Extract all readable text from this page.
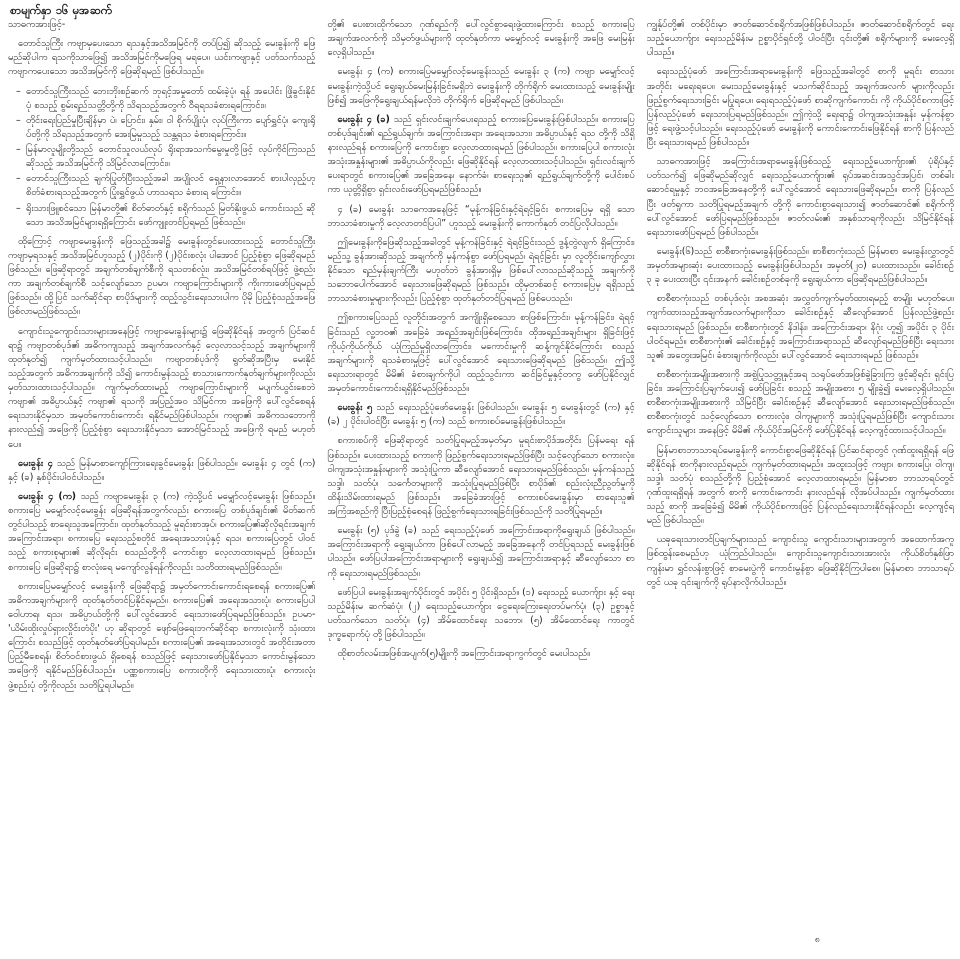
စာမျက်နှာ ၁၆ မှအဆက်

သာဓကအားဖြင့်-

တောင်သူကြီး ကဗျာမှပေးသော ရသနှင့်အသိအမြင်ကို တပ်ပြ၍ ဆိုသည့် မေးခွန်းကို ဖြေမည်ဆိုပါက ရသကိုသာဖြေ၍ အသိအမြင်ကိုမဖြေရ မရပေ။ ယင်းကဗျာနှင့် ပတ်သက်သည့် ကဗျာကပေးသော အသိအမြင်ကို ဖြေဆိုရမည် ဖြစ်ပါသည်။

– တောင်သူကြီးသည် ဘေးဘိုးစဉ်ဆက် ဘုရင့်အမှုတော် ထမ်းခဲ့ပုံ၊ ရန် အပေါင်း ဖြိုခွင်းနိုင်ပုံ စသည့် စွမ်းရည်သတ္တိတို့ကို သိရသည့်အတွက် ဝီရရသခံစားရကြောင်း။
– တိုင်းရေးပြည်မှုပြီးချိန်မှာ ပဲ၊ ပြောင်း၊ နှမ်း၊ ဝါ စိုက်ပျိုးပုံ၊ လုပ်ကြီးကာ ပျော်ရွှင်ပုံ၊ ကျေးရိုပ်တို့ကို သိရသည့်အတွက် အေးမြမှုသည့် သန္တရသ ခံစားရကြောင်း။
– မြန်မာလူမျိုးတို့သည် တောင်သူလယ်လုပ် ရိုးရာအသက်မွေးမှုတို့ဖြင့် လုပ်ကိုင်ကြသည် ဆိုသည့် အသိအမြင်ကို သိမြင်လာကြောင်း။
– တောင်သူကြီးသည် ချက်ပြုတ်ပြီးသည့်အခါ အပျိုလင် ရှေ့နားလာအောင် စားပါလှည့်ဟု စိတ်ခံစားရသည့်အတွက် ပြုံးရွှင်ဖွယ် ဟာသရသ ခံစားရ ကြောင်း။
– ရိုးသားဖြူစင်သော မြန်မာတို့၏ စိတ်ဓာတ်နှင့် စရိုက်သည် မြတ်နိုးဖွယ် ကောင်းသည် ဆိုသော အသိအမြင်များရရှိကြောင်း ဖော်ကျူးတင်ပြရမည် ဖြစ်သည်။

ထိုကြောင့် ကဗျာမေးခွန်းကို ဖြေသည့်အခါ၌ မေးခွန်းတွင်ပေးထားသည့် တောင်သူကြီးကဗျာမှရသနှင့် အသိအမြင်ဟူသည့် (၂)ပိုင်းကို (၂)ပိုင်းစလုံး ပါအောင် ပြည့်စုံစွာ ဖြေဆိုရမည်ဖြစ်သည်။ ဖြေဆိုရာတွင် အချက်တစ်ချက်စီကို ရသတစ်လုံး၊ အသိအမြင်တစ်ရပ်ဖြင့် ဖွဲ့စည်းကာ အချက်တစ်ချက်စီ သင့်လျော်သော ဥပမာ၊ ကဗျာကြောင်းများကို ကိုးကားဖော်ပြရမည်ဖြစ်သည်။ ထို့ပြင် သက်ဆိုင်ရာ စာပိုဒ်များကို ထည့်သွင်းရေးသားပါက ပိုမို ပြည့်စုံသည့်အဖြေ ဖြစ်လာမည်ဖြစ်သည်။

ကျောင်းသူကျောင်းသားများအနေဖြင့် ကဗျာမေးခွန်းများ၌ ဖြေဆိုနိုင်ရန် အတွက် ပြင်ဆင်ရာ၌ ကဗျာတစ်ပုဒ်၏ အဓိကကျသည့် အချက်အလက်နှင့် လေ့လာသင့်သည့် အချက်များကို ထုတ်နုတ်၍ ကျက်မှတ်ထားသင့်ပါသည်။ ကဗျာတစ်ပုဒ်ကို ရွတ်ဆိုအပြီးမှ မေးနိုင်သည့်အတွက် အဓိကအချက်ကို သိ၍ ကောင်းမွန်သည့် စာသားကောက်နုတ်ချက်များကိုလည်း မှတ်သားထားသင့်ပါသည်။ ကျက်မှတ်ထားမည့် ကဗျာကြောင်းများကို မပျက်ယွင်းစေဘဲ ကဗျာ၏ အဓိပ္ပာယ်နှင့် ကဗျာ၏ ရသကို အပြည့်အဝ သိမြင်ကာ အဖြေကို ပေါ်လွင်စေရန် ရေးသားနိုင်မှသာ အမှတ်ကောင်းကောင်း ရနိုင်မည်ဖြစ်ပါသည်။ ကဗျာ၏ အဓိကသဘောကို နားလည်၍ အဖြေကို ပြည့်စုံစွာ ရေးသားနိုင်မှသာ အောင်မြင်သည့် အဖြေကို ရမည် မဟုတ်ပေ။

မေးခွန်း ၄ သည် မြန်မာစာကျော်ကြားရေးခွင်မေးခွန်း ဖြစ်ပါသည်။ မေးခွန်း ၄ တွင် (က) နှင့် (ခ) နှစ်ပိုင်းပါဝင်ပါသည်။

မေးခွန်း ၄ (က) သည် ကဗျာမေးခွန်း ၃ (က) ကဲ့သို့ပင် မမျှော်လင့်မေးခွန်း ဖြစ်သည်။ စကားပြေ မမျှော်လင့်မေးခွန်း ဖြေဆိုရန်အတွက်လည်း စကားပြေ တစ်ပုဒ်ချင်း၏ မိတ်ဆက်တွင်ပါသည့် စာရေးသူအကြောင်း၊ ထုတ်နုတ်သည့် မူရင်းစာအုပ်၊ စကားပြေ၏ဆိုလိုရင်းအချက် အကြောင်းအရာ၊ စကားပြေ ရေးသည့်စတိုင် အရေးအသားပုံနှင့် ရသ၊ စကားပြေတွင် ပါဝင်သည့် စကားစုများ၏ ဆိုလိုရင်း စသည်တို့ကို ကောင်းစွာ လေ့လာထားရမည် ဖြစ်သည်။ စကားပြေ ဖြေဆိုရာ၌ စာလုံးရေ မကျော်လွန်ရန်ကိုလည်း သတိထားရမည်ဖြစ်သည်။

စကားပြေမမျှော်လင့် မေးခွန်းကို ဖြေဆိုရာ၌ အမှတ်ကောင်းကောင်းရစေရန် စကားပြေ၏ အဓိကအချက်များကို ထုတ်နုတ်တင်ပြနိုင်ရမည်။ စကားပြေ၏ အရေးအသားပုံ၊ စကားပြေပါ ဝေါဟာရ၊ ရသ၊ အဓိပ္ပာယ်တို့ကို ပေါ်လွင်အောင် ရေးသားဖော်ပြရမည်ဖြစ်သည်။ ဥပမာ- 'ယိမ်းထိုးလှုပ်ရှားလှိုင်းတံပိုး' ဟု ဆိုရာတွင် ဖျော်ဖြေရေးဘက်ဆိုင်ရာ စကားလုံးကို သုံးထားကြောင်း စသည်ဖြင့် ထုတ်နုတ်ဖော်ပြရပါမည်။ စကားပြေ၏ အရေးအသားတွင် အတိုင်းအတာ ပြည့်မီစေရန်၊ စိတ်ဝင်စားဖွယ် ရှိစေရန် စသည်ဖြင့် ရေးသားဖော်ပြနိုင်မှသာ ကောင်းမွန်သော အဖြေကို ရနိုင်မည်ဖြစ်ပါသည်။ ပဏ္ဏစကားပြေ စကားတိုကို ရေးသားထားပုံ၊ စကားလုံးဖွဲ့စည်းပုံ တို့ကိုလည်း သတိပြုရပါမည်။

တို့၏ ပေးစားထိုက်သော ဂုဏ်ရည်ကို ပေါ်လွင်စွာရေးဖွဲ့ထားကြောင်း စသည့် စကားပြေအချက်အလက်ကို သိမှတ်ဖွယ်များကို ထုတ်နုတ်ကာ မမျှော်လင့် မေးခွန်းကို အဖြေ မေးမြန်းလေ့ရှိပါသည်။

မေးခွန်း ၄ (က) စကားပြေမမျှော်လင့်မေးခွန်းသည် မေးခွန်း ၃ (က) ကဗျာ မမျှော်လင့် မေးခွန်းကဲ့သို့ပင် ရွေးချယ်မေးမြန်းခြင်းမရှိဘဲ မေးခွန်းကို တိုက်ရိုက် မေးထားသည့် မေးခွန်းမျိုးဖြစ်၍ အဖြေကိုရွေးချယ်ရန်မလိုဘဲ တိုက်ရိုက် ဖြေဆိုရမည် ဖြစ်ပါသည်။

မေးခွန်း ၄ (ခ) သည် ရှင်းလင်းချက်ပေးရသည့် စကားပြေမေးခွန်းဖြစ်ပါသည်။ စကားပြေ တစ်ပုဒ်ချင်း၏ ရည်ရွယ်ချက်၊ အကြောင်းအရာ၊ အရေးအသား၊ အဓိပ္ပာယ်နှင့် ရသ တို့ကို သိရှိနားလည်ရန် စကားပြေကို ကောင်းစွာ လေ့လာထားရမည် ဖြစ်ပါသည်။ စကားပြေပါ စကားလုံးအသုံးအနှုန်းများ၏ အဓိပ္ပာယ်ကိုလည်း ဖြေဆိုနိုင်ရန် လေ့လာထားသင့်ပါသည်။ ရှင်းလင်းချက်ပေးရာတွင် စကားပြေ၏ အခြေအနေ၊ နောက်ခံ၊ စာရေးသူ၏ ရည်ရွယ်ချက်တို့ကို ပေါင်းစပ်ကာ ယုတ္တိရှိစွာ ရှင်းလင်းဖော်ပြရမည်ဖြစ်သည်။

၄ (ခ) မေးခွန်း သာဓကအနေဖြင့် “မုန့်ကန်ခြင်းနှင့်ရဲရင့်ခြင်း စကားပြေမှ ရရှိ သော ဘာသာခံစားမှုကို လေ့လာတင်ပြပါ” ဟူသည့် မေးခွန်းကို ကောက်နုတ် တင်ပြလိုပါသည်။

ဤမေးခွန်းကိုဖြေဆိုသည့်အခါတွင် မုန့်ကန်ခြင်းနှင့် ရဲရင့်ခြင်းသည် ဒွန့်တွဲလျက် ရှိကြောင်း၊ မည်သူ့ ခွန်အားဆိုသည့် အချက်ကို မှန်ကန်စွာ ဖော်ပြရမည်၊ ရဲရင့်ခြင်း မှာ လူတိုင်းကျော်လွှားနိုင်သော ရည်မှန်းချက်ကြီး မဟုတ်ဘဲ ခွန်အားရှိမှ ဖြစ်ပေါ်လာသည်ဆိုသည့် အချက်ကို သဘောပေါက်အောင် ရေးသားဖြေဆိုရမည် ဖြစ်သည်။ ထိုမှတစ်ဆင့် စကားပြေမှ ရရှိသည့် ဘာသာခံစားမှုများကိုလည်း ပြည့်စုံစွာ ထုတ်နုတ်တင်ပြရမည် ဖြစ်ပေသည်။

ဤစကားပြေသည် လူတိုင်းအတွက် အကျိုးရှိစေသော စာဖြစ်ကြောင်း၊ မုန့်ကန်ခြင်း၊ ရဲရင့်ခြင်းသည် လူ့ဘဝ၏ အခြေခံ အရည်အချင်းဖြစ်ကြောင်း၊ ထိုအရည်အချင်းများ ရှိခြင်းဖြင့် ကိုယ့်ကိုယ်ကိုယ် ယုံကြည်မှုရှိလာကြောင်း၊ မကောင်းမှုကို ဆန့်ကျင်နိုင်ကြောင်း စသည့် အချက်များကို ရသခံစားမှုဖြင့် ပေါ်လွင်အောင် ရေးသားဖြေဆိုရမည် ဖြစ်သည်။ ဤသို့ ရေးသားရာတွင် မိမိ၏ ခံစားချက်ကိုပါ ထည့်သွင်းကာ ဆင်ခြင်မှုနှင့်တကွ ဖော်ပြနိုင်လျှင် အမှတ်ကောင်းကောင်းရရှိနိုင်မည်ဖြစ်သည်။

မေးခွန်း ၅ သည် ရေးသည့်ပုံဖော်မေးခွန်း ဖြစ်ပါသည်။ မေးခွန်း ၅ မေးခွန်းတွင် (က) နှင့် (ခ) ၂ ပိုင်းပါဝင်ပြီး မေးခွန်း ၅ (က) သည် စကားစပ်မေးခွန်းဖြစ်ပါသည်။

စကားစပ်ကို ဖြေဆိုရာတွင် သတ်ပြုရမည့်အမှတ်မှာ မူရင်းစာပိုဒ်အတိုင်း ပြန်မရေး ရန် ဖြစ်သည်။ ပေးထားသည့် စကားကို ဖြည့်စွက်ရေးသားရမည်ဖြစ်ပြီး သင့်လျော်သော စကားလုံး၊ ဝါကျအသုံးအနှုန်းများကို အသုံးပြုကာ ဆီလျော်အောင် ရေးသားရမည်ဖြစ်သည်။ မှန်ကန်သည့်သဒ္ဒါ၊ သတ်ပုံ၊ သင်္ကေတများကို အသုံးပြုရမည်ဖြစ်ပြီး စာပိုဒ်၏ စည်းလုံးညီညွတ်မှုကို ထိန်းသိမ်းထားရမည် ဖြစ်သည်။ အခြေခံအားဖြင့် စကားစပ်မေးခွန်းမှာ စာရေးသူ၏ အကြံအစည်ကို ပြီးပြည့်စုံစေရန် ဖြည့်စွက်ရေးသားရခြင်းဖြစ်သည်ကို သတိပြုရမည်။

မေးခွန်း (၅) ပုဒ်ခွဲ (ခ) သည် ရေးသည့်ပုံဖော် အကြောင်းအရာကိုရွေးချယ် ဖြစ်ပါသည်။ အကြောင်းအရာကို ရွေးချယ်ကာ ဖြစ်ပေါ်လာမည့် အခြေအနေကို တင်ပြရသည့် မေးခွန်းဖြစ်ပါသည်။ ဖော်ပြပါအကြောင်းအရာများကို ရွေးချယ်၍ အကြောင်းအရာနှင့် ဆီလျော်သော စာကို ရေးသားရမည်ဖြစ်သည်။

ဖော်ပြပါ မေးခွန်းအချက်ပိုင်းတွင် အပိုင်း ၅ ပိုင်းရှိသည်။ (၁) ရေးသည့် ယောက်ျား နှင့် ရေးသည့်မိန်းမ ဆက်ဆံပုံ၊ (၂) ရေးသည့်ယောက်ျား ငွေရေးကြေးရေးတပ်မက်ပုံ၊ (၃) ဥစ္စာနှင့်ပတ်သက်သော သတ်ပုံ၊ (၄) အိမ်ထောင်ရေး သဘော၊ (၅) အိမ်ထောင်ရေး ကာတွင် ဒုက္ခရောက်ပုံ တို့ ဖြစ်ပါသည်။

ထိုစာတ်လမ်းအဖြစ်အပျက်(၅)မျိုးကို အကြောင်းအရာကွက်တွင် မေးပါသည်။

ကျွန်ုပ်တို့၏ တစ်ပိုင်းမှာ ဇာတ်ဆောင်စရိုက်အဖြစ်ဖြစ်ပါသည်။ ဇာတ်ဆောင်စရိုက်တွင် ရေးသည့်ယောက်ျား ရေးသည့်မိန်းမ ဥစ္စာပိုင်ရှင်တို့ ပါဝင်ပြီး ၎င်းတို့၏ စရိုက်များကို မေးလေ့ရှိပါသည်။

ရေးသည့်ပုံဖော် အကြောင်းအရာမေးခွန်းကို ဖြေသည့်အခါတွင် စာကို မူရင်း စာသားအတိုင်း မရေးရပေ။ မေးသည့်မေးခွန်းနှင့် မသက်ဆိုင်သည့် အချက်အလက် များကိုလည်း ဖြည့်စွက်ရေးသားခြင်း မပြုရပေ။ ရေးရသည့်ပုံဖော် စာဆိုကျက်ကောင်း ကို ကိုယ်ပိုင်စကားဖြင့် ပြန်လည်ပုံဖော် ရေးသားပြရမည်ဖြစ်သည်။ ဤကဲ့သို့ ရေးရာ၌ ဝါကျအသုံးအနှုန်း မှန်ကန်စွာဖြင့် ရေးဖွဲ့သင့်ပါသည်။ ရေးသည့်ပုံဖော် မေးခွန်းကို ကောင်းကောင်းဖြေနိုင်ရန် စာကို ပြန်လည်ပြီး ရေးသားရမည် ဖြစ်ပါသည်။

သာဓကအားဖြင့် အကြောင်းအရာမေးခွန်းဖြစ်သည့် ရေးသည့်ယောက်ျား၏ ပုံရိပ်နှင့် ပတ်သက်၍ ဖြေဆိုမည်ဆိုလျှင် ရေးသည့်ယောက်ျား၏ ရုပ်အဆင်းအသွင်အပြင်၊ တစ်ခါးဆောင်ရမှုနှင့် ဘဝအခြေအနေတို့ကို ပေါ်လွင်အောင် ရေးသားဖြေဆိုရမည်။ စာကို ပြန်လည်ပြီး ဖတ်ရှုကာ သတိပြုရမည့်အချက် တို့ကို ကောင်းစွာရေးသား၍ ဇာတ်ဆောင်၏ စရိုက်ကို ပေါ်လွင်အောင် ဖော်ပြရမည်ဖြစ်သည်။ ဇာတ်လမ်း၏ အနှစ်သာရကိုလည်း သိမြင်နိုင်ရန် ရေးသားဖော်ပြရမည် ဖြစ်ပါသည်။

မေးခွန်း(၆)သည် စာစီစာကုံးမေးခွန်းဖြစ်သည်။ စာစီစာကုံးသည် မြန်မာစာ မေးခွန်းလွှာတွင် အမှတ်အများဆုံး ပေးထားသည့် မေးခွန်းဖြစ်ပါသည်။ အမှတ်(၂၀) ပေးထားသည်။ ခေါင်းစဉ် ၃ ခု ပေးထားပြီး ၎င်းအနက် ခေါင်းစဉ်တစ်ခုကို ရွေးချယ်ကာ ဖြေဆိုရမည်ဖြစ်ပါသည်။

စာစီစာကုံးသည် တစ်ပုဒ်လုံး အစအဆုံး အလွှတ်ကျက်မှတ်ထားရမည့် စာမျိုး မဟုတ်ပေ။ ကျက်ထားသည့်အချက်အလက်များကိုသာ ခေါင်းစဉ်နှင့် ဆီလျော်အောင် ပြန်လည်ဖွဲ့စည်းရေးသားရမည် ဖြစ်သည်။ စာစီစာကုံးတွင် နိဒါန်း၊ အကြောင်းအရာ၊ နိဂုံး ဟူ၍ အပိုင်း ၃ ပိုင်း ပါဝင်ရမည်။ စာစီစာကုံး၏ ခေါင်းစဉ်နှင့် အကြောင်းအရာသည် ဆီလျော်ရမည်ဖြစ်ပြီး ရေးသားသူ၏ အတွေးအမြင်၊ ခံစားချက်ကိုလည်း ပေါ်လွင်အောင် ရေးသားရမည် ဖြစ်သည်။

စာစီစာကုံးအမျိုးအစားကို အစွဲပြုသတ္တုနှင့်အရ သရုပ်ဖော်အဖြစ်ခွဲခြားကြ ဖွင့်ဆိုရင်း ရှင်းပြခြင်း၊ အကြောင်းပြချက်ပေး၍ ဖော်ပြခြင်း စသည့် အမျိုးအစား ၅ မျိုးခွဲ၍ မေးလေ့ရှိပါသည်။ စာစီစာကုံးအမျိုးအစားကို သိမြင်ပြီး ခေါင်းစဉ်နှင့် ဆီလျော်အောင် ရေးသားရမည်ဖြစ်သည်။ စာစီစာကုံးတွင် သင့်လျော်သော စကားလုံး၊ ဝါကျများကို အသုံးပြုရမည်ဖြစ်ပြီး ကျောင်းသား ကျောင်းသူများ အနေဖြင့် မိမိ၏ ကိုယ်ပိုင်အမြင်ကို ဖော်ပြနိုင်ရန် လေ့ကျင့်ထားသင့်ပါသည်။

မြန်မာစာဘာသာရပ်မေးခွန်းကို ကောင်းစွာဖြေဆိုနိုင်ရန် ပြင်ဆင်ရာတွင် ဂုဏ်ထူးရရှိရန် ဖြေဆိုနိုင်ရန် စာကိုနားလည်ရမည်၊ ကျက်မှတ်ထားရမည်။ အထူးသဖြင့် ကဗျာ၊ စကားပြေ၊ ဝါကျ၊ သဒ္ဒါ၊ သတ်ပုံ စသည်တို့ကို ပြည့်စုံအောင် လေ့လာထားရမည်။ မြန်မာစာ ဘာသာရပ်တွင် ဂုဏ်ထူးရရှိရန် အတွက် စာကို ကောင်းကောင်း နားလည်ရန် လိုအပ်ပါသည်။ ကျက်မှတ်ထားသည့် စာကို အခြေခံ၍ မိမိ၏ ကိုယ်ပိုင်စကားဖြင့် ပြန်လည်ရေးသားနိုင်ရန်လည်း လေ့ကျင့်ရမည် ဖြစ်ပါသည်။

ယခုရေးသားတင်ပြချက်များသည် ကျောင်းသူ ကျောင်းသားများအတွက် အထောက်အကူ ဖြစ်ထွန်းစေမည်ဟု ယုံကြည်ပါသည်။ ကျောင်းသူကျောင်းသားအားလုံး ကိုယ်စိတ်နှစ်ဖြာ ကျန်းမာ ရွှင်လန်းစွာဖြင့် စာမေးပွဲကို ကောင်းမွန်စွာ ဖြေဆိုနိုင်ကြပါစေ။ မြန်မာစာ ဘာသာရပ်တွင် ယခု ၎င်းချက်ကို ရုပ်နာလိုက်ပါသည်။

၈
